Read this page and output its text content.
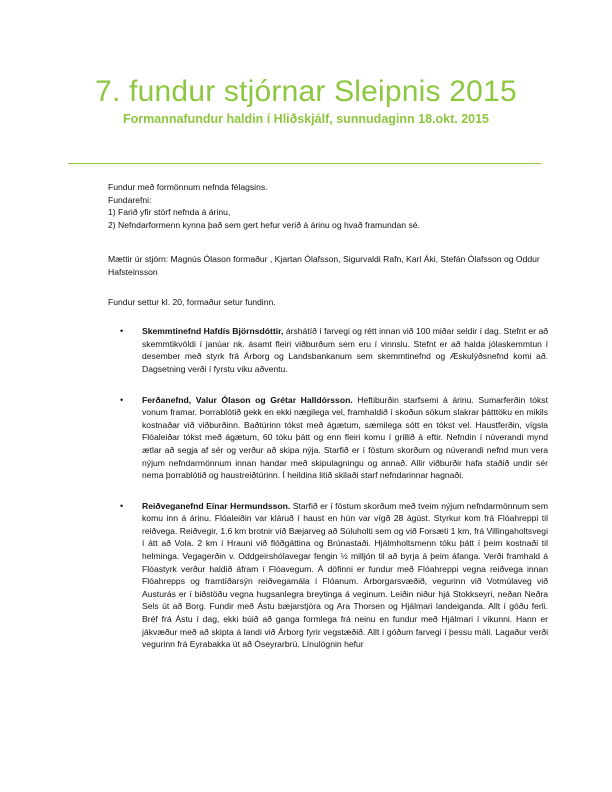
7. fundur stjórnar Sleipnis 2015
Formannafundur haldin í Hliðskjálf, sunnudaginn 18.okt. 2015

Fundur með formönnum nefnda félagsins.

Fundarefni:

1) Farið yfir störf nefnda á árinu,

2) Nefndarformenn kynna það sem gert hefur verið á árinu og hvað framundan sé.

Mættir úr stjórn: Magnús Ólason formaður , Kjartan Ólafsson, Sigurvaldi Rafn, Karl Áki, Stefán Ólafsson og Oddur Hafsteinsson

Fundur settur kl. 20, formaður setur fundinn.

• Skemmtinefnd Hafdís Björnsdóttir, árshátíð í farvegi og rétt innan við 100 miðar seldir í dag. Stefnt er að skemmtikvöldi í janúar nk. ásamt fleiri viðburðum sem eru í vinnslu. Stefnt er að halda jólaskemmtun í desember með styrk frá Árborg og Landsbankanum sem skemmtinefnd og Æskulýðsnefnd komi að. Dagsetning verði í fyrstu viku aðventu.
• Ferðanefnd, Valur Ólason og Grétar Halldórsson. Heftiburðin starfsemi á árinu. Sumarferðin tókst vonum framar. Þorrablótið gekk en ekki nægilega vel, framhaldið í skoðun sökum slakrar þátttöku en mikils kostnaðar við viðburðinn. Baðtúrinn tókst með ágætum, sæmilega sótt en tókst vel. Haustferðin, vígsla Flóaleiðar tókst með ágætum, 60 tóku þátt og enn fleiri komu í grillið á eftir. Nefndin í núverandi mynd ætlar að segja af sér og verður að skipa nýja. Starfið er í föstum skorðum og núverandi nefnd mun vera nýjum nefndarmönnum innan handar með skipulagningu og annað. Allir viðburðir hafa staðið undir sér nema þorrablótið og haustreiðtúrinn. Í heildina litið skilaði starf nefndarinnar hagnaði.
• Reiðveganefnd Einar Hermundsson. Starfið er í föstum skorðum með tveim nýjum nefndarmönnum sem komu inn á árinu. Flóaleiðin var kláruð í haust en hún var vígð 28 ágúst. Styrkur kom frá Flóahreppi til reiðvega. Reiðvegir, 1.6 km brotnir við Bæjarveg að Súluholti sem og við Forsæti 1 km, frá Villingaholtsvegi í átt að Vola. 2 km í Hrauni við flóðgáttina og Brúnastaði. Hjálmholtsmenn tóku þátt í þeim kostnaði til helminga. Vegagerðin v. Oddgeirshólavegar fengin ½ milljón til að byrja á þeim áfanga. Verði framhald á Flóastyrk verður haldið áfram í Flóavegum. Á döfinni er fundur með Flóahreppi vegna reiðvega innan Flóahrepps og framtíðarsýn reiðvegamála í Flóanum. Árborgarsvæðið, vegurinn við Votmúlaveg við Austurás er í biðstöðu vegna hugsanlegra breytinga á veginum. Leiðin niður hjá Stokkseyri, neðan Neðra Sels út að Borg. Fundir með Ástu bæjarstjóra og Ara Thorsen og Hjálmari landeiganda. Allt í góðu ferli. Bréf frá Ástu í dag, ekki búið að ganga formlega frá neinu en fundur með Hjálmari í vikunni. Hann er jákvæður með að skipta á landi við Árborg fyrir vegstæðið. Allt í góðum farvegi í þessu máli. Lagaður verði vegurinn frá Eyrabakka út að Óseyrarbrú. Línulögnin hefur
